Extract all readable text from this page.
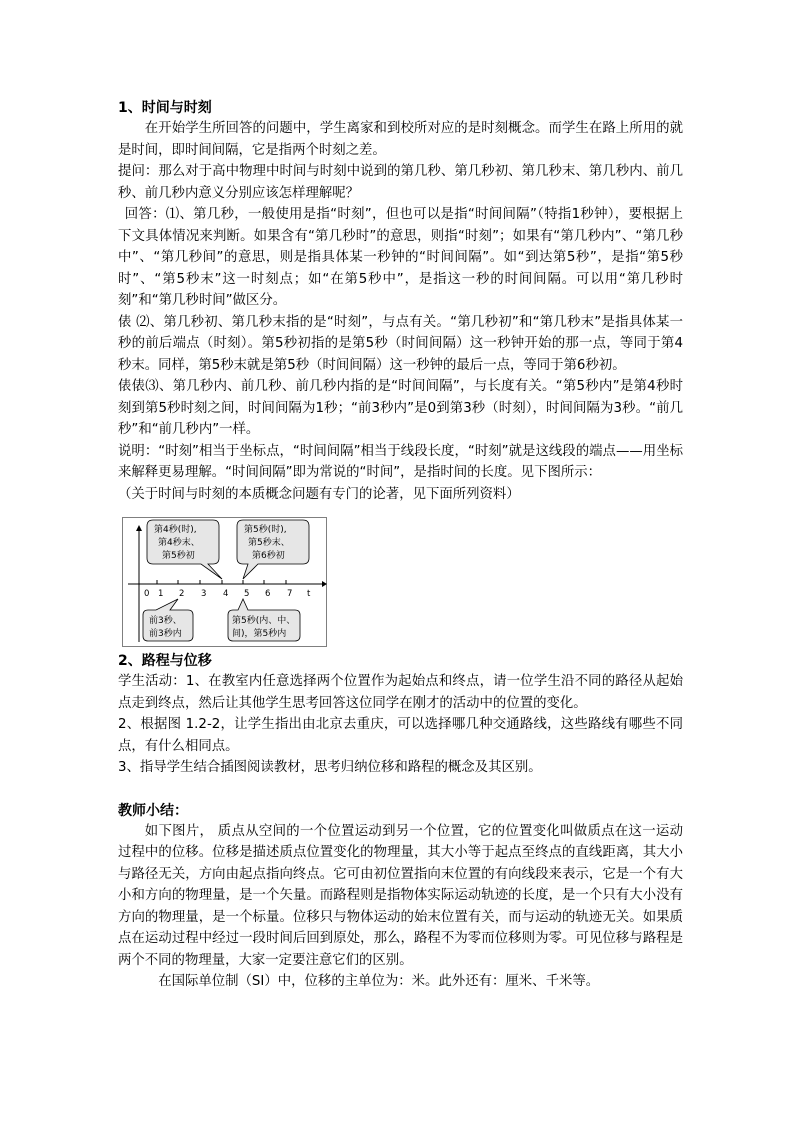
1、时间与时刻

在开始学生所回答的问题中，学生离家和到校所对应的是时刻概念。而学生在路上所用的就是时间，即时间间隔，它是指两个时刻之差。

提问：那么对于高中物理中时间与时刻中说到的第几秒、第几秒初、第几秒末、第几秒内、前几秒、前几秒内意义分别应该怎样理解呢？

回答：⑴、第几秒，一般使用是指“时刻”，但也可以是指“时间间隔”（特指1秒钟），要根据上下文具体情况来判断。如果含有“第几秒时”的意思，则指“时刻”；如果有“第几秒内”、“第几秒中”、“第几秒间”的意思，则是指具体某一秒钟的“时间间隔”。如“到达第5秒”，是指“第5秒时”、“第5秒末”这一时刻点；如“在第5秒中”，是指这一秒的时间间隔。可以用“第几秒时刻”和“第几秒时间”做区分。

俵 ⑵、第几秒初、第几秒末指的是“时刻”，与点有关。“第几秒初”和“第几秒末”是指具体某一秒的前后端点（时刻）。第5秒初指的是第5秒（时间间隔）这一秒钟开始的那一点，等同于第4秒末。同样，第5秒末就是第5秒（时间间隔）这一秒钟的最后一点，等同于第6秒初。

俵俵⑶、第几秒内、前几秒、前几秒内指的是“时间间隔”，与长度有关。“第5秒内”是第4秒时刻到第5秒时刻之间，时间间隔为1秒；“前3秒内”是0到第3秒（时刻），时间间隔为3秒。“前几秒”和“前几秒内”一样。

说明：“时刻”相当于坐标点，“时间间隔”相当于线段长度，“时刻”就是这线段的端点——用坐标来解释更易理解。“时间间隔”即为常说的“时间”，是指时间的长度。见下图所示：

（关于时间与时刻的本质概念问题有专门的论著，见下面所列资料）

0 1 2 3 4 5 6 7 t
第4秒(时),
第4秒末、
第5秒初
第5秒(时),
第5秒末、
第6秒初
前3秒、
前3秒内
第5秒(内、中、
间)，第5秒内

2、路程与位移

学生活动：1、在教室内任意选择两个位置作为起始点和终点，请一位学生沿不同的路径从起始点走到终点，然后让其他学生思考回答这位同学在刚才的活动中的位置的变化。

2、根据图 1.2-2，让学生指出由北京去重庆，可以选择哪几种交通路线，这些路线有哪些不同点，有什么相同点。

3、指导学生结合插图阅读教材，思考归纳位移和路程的概念及其区别。

教师小结：

如下图片， 质点从空间的一个位置运动到另一个位置，它的位置变化叫做质点在这一运动过程中的位移。位移是描述质点位置变化的物理量，其大小等于起点至终点的直线距离，其大小与路径无关，方向由起点指向终点。它可由初位置指向末位置的有向线段来表示，它是一个有大小和方向的物理量，是一个矢量。而路程则是指物体实际运动轨迹的长度，是一个只有大小没有方向的物理量，是一个标量。位移只与物体运动的始末位置有关，而与运动的轨迹无关。如果质点在运动过程中经过一段时间后回到原处，那么，路程不为零而位移则为零。可见位移与路程是两个不同的物理量，大家一定要注意它们的区别。

在国际单位制（SI）中，位移的主单位为：米。此外还有：厘米、千米等。
